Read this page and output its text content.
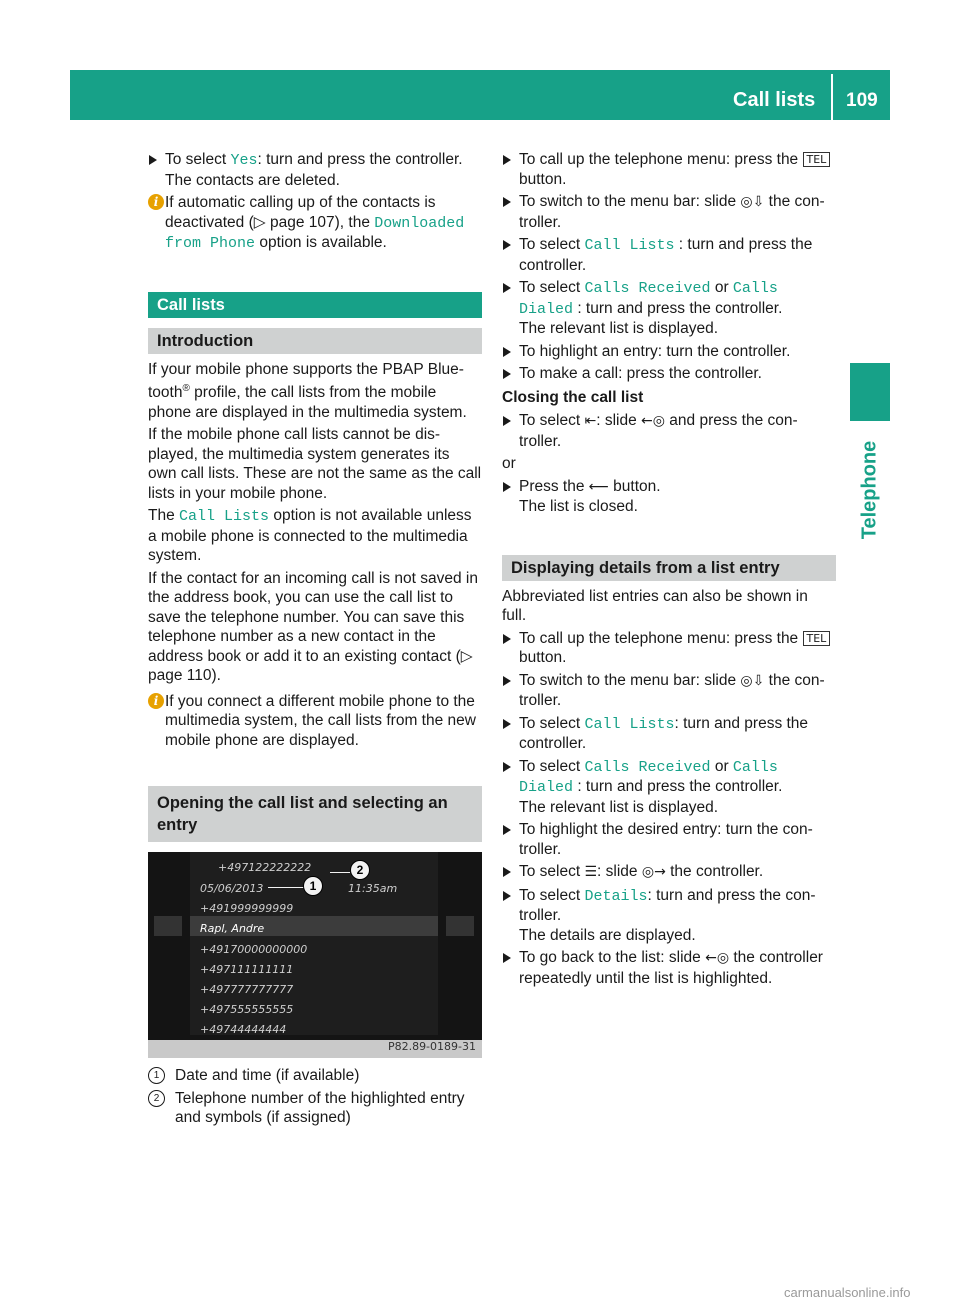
Call lists 109
Telephone
To select Yes: turn and press the controller.
The contacts are deleted.
i If automatic calling up of the contacts is deactivated (▷ page 107), the Downloaded from Phone option is available.
Call lists
Introduction
If your mobile phone supports the PBAP Blue-tooth® profile, the call lists from the mobile phone are displayed in the multimedia system.
If the mobile phone call lists cannot be dis-played, the multimedia system generates its own call lists. These are not the same as the call lists in your mobile phone.
The Call Lists option is not available unless a mobile phone is connected to the multimedia system.
If the contact for an incoming call is not saved in the address book, you can use the call list to save the telephone number. You can save this telephone number as a new contact in the address book or add it to an existing contact (▷ page 110).
i If you connect a different mobile phone to the multimedia system, the call lists from the new mobile phone are displayed.
Opening the call list and selecting an entry
+497122222222
05/06/2013	11:35am
+491999999999
Rapl, Andre
+49170000000000
+497111111111
+497777777777
+497555555555
+49744444444
1
2
P82.89-0189-31
1	Date and time (if available)
2	Telephone number of the highlighted entry and symbols (if assigned)
To call up the telephone menu: press the TEL button.
To switch to the menu bar: slide ◎⇩ the con-troller.
To select Call Lists : turn and press the controller.
To select Calls Received or Calls Dialed : turn and press the controller.
The relevant list is displayed.
To highlight an entry: turn the controller.
To make a call: press the controller.
Closing the call list
To select ⇤: slide ←◎ and press the con-troller.
or
Press the ⟵ button.
The list is closed.
Displaying details from a list entry
Abbreviated list entries can also be shown in full.
To call up the telephone menu: press the TEL button.
To switch to the menu bar: slide ◎⇩ the con-troller.
To select Call Lists: turn and press the controller.
To select Calls Received or Calls Dialed : turn and press the controller.
The relevant list is displayed.
To highlight the desired entry: turn the con-troller.
To select ☰: slide ◎→ the controller.
To select Details: turn and press the con-troller.
The details are displayed.
To go back to the list: slide ←◎ the controller repeatedly until the list is highlighted.
carmanualsonline.info
